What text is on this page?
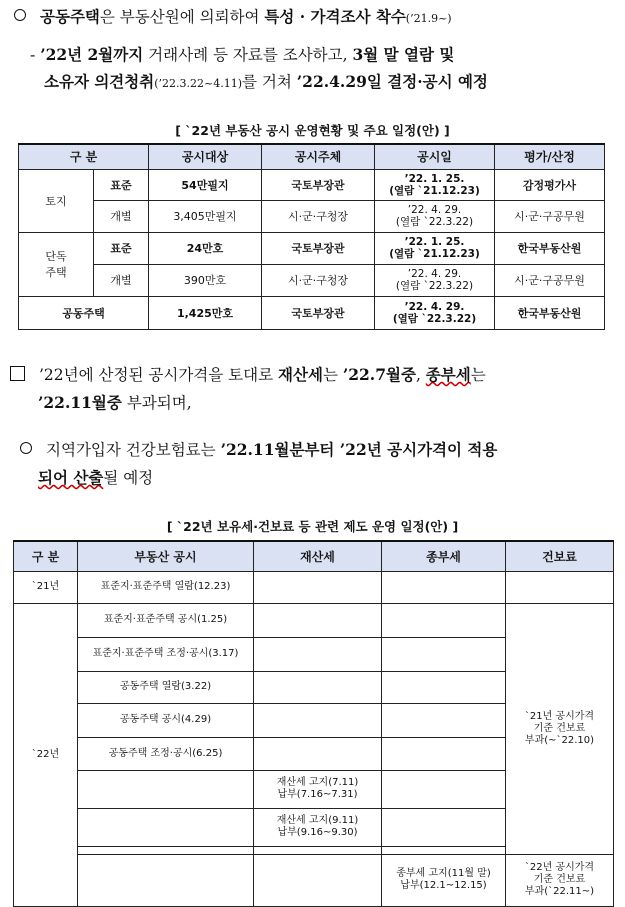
공동주택은 부동산원에 의뢰하여 특성 · 가격조사 착수(’21.9~)
- ’22년 2월까지 거래사례 등 자료를 조사하고, 3월 말 열람 및
소유자 의견청취(’22.3.22~4.11)를 거쳐 ’22.4.29일 결정·공시 예정
[ `22년 부동산 공시 운영현황 및 주요 일정(안) ]
구 분		공시대상	공시주체	공시일	평가/산정
토지	표준	54만필지	국토부장관	’22. 1. 25.
(열람 `21.12.23)	감정평가사
	개별	3,405만필지	시·군·구청장	’22. 4. 29.
(열람 `22.3.22)	시·군·구공무원
단독
주택	표준	24만호	국토부장관	’22. 1. 25.
(열람 `21.12.23)	한국부동산원
	개별	390만호	시·군·구청장	’22. 4. 29.
(열람 `22.3.22)	시·군·구공무원
공동주택		1,425만호	국토부장관	’22. 4. 29.
(열람 `22.3.22)	한국부동산원
’22년에 산정된 공시가격을 토대로 재산세는 ’22.7월중, 종부세는
’22.11월중 부과되며,
지역가입자 건강보험료는 ’22.11월분부터 ’22년 공시가격이 적용
되어 산출될 예정
[ `22년 보유세·건보료 등 관련 제도 운영 일정(안) ]
구 분	부동산 공시	재산세	종부세	건보료
`21년	표준지·표준주택 열람(12.23)			
`22년	표준지·표준주택 공시(1.25)			`21년 공시가격
기준 건보료
부과(~`22.10)
	표준지·표준주택 조정·공시(3.17)			
	공동주택 열람(3.22)			
	공동주택 공시(4.29)			
	공동주택 조정·공시(6.25)			
		재산세 고지(7.11)
납부(7.16~7.31)		
		재산세 고지(9.11)
납부(9.16~9.30)		

			종부세 고지(11월 말)
납부(12.1~12.15)	`22년 공시가격
기준 건보료
부과(`22.11~)
